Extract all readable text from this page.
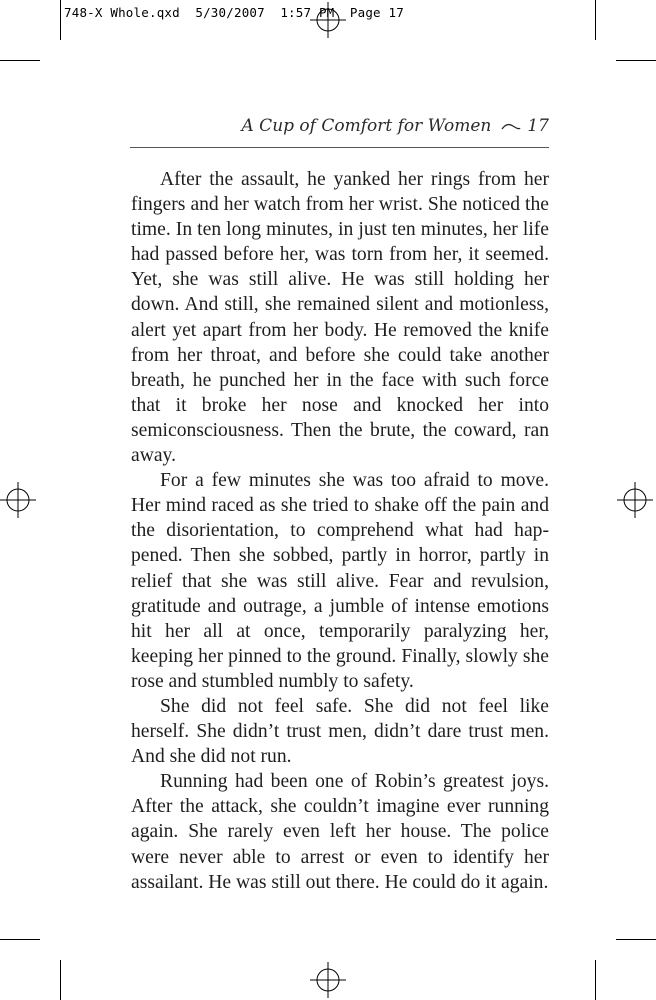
748-X Whole.qxd 5/30/2007 1:57 PM Page 17
A Cup of Comfort for Women 17

After the assault, he yanked her rings from her fingers and her watch from her wrist. She noticed the time. In ten long minutes, in just ten minutes, her life had passed before her, was torn from her, it seemed. Yet, she was still alive. He was still holding her down. And still, she remained silent and motionless, alert yet apart from her body. He removed the knife from her throat, and before she could take another breath, he punched her in the face with such force that it broke her nose and knocked her into semiconsciousness. Then the brute, the coward, ran away.

For a few minutes she was too afraid to move. Her mind raced as she tried to shake off the pain and the disorientation, to comprehend what had happened. Then she sobbed, partly in horror, partly in relief that she was still alive. Fear and revulsion, gratitude and outrage, a jumble of intense emotions hit her all at once, temporarily paralyzing her, keeping her pinned to the ground. Finally, slowly she rose and stumbled numbly to safety.

She did not feel safe. She did not feel like herself. She didn’t trust men, didn’t dare trust men. And she did not run.

Running had been one of Robin’s greatest joys. After the attack, she couldn’t imagine ever running again. She rarely even left her house. The police were never able to arrest or even to identify her assailant. He was still out there. He could do it again.
